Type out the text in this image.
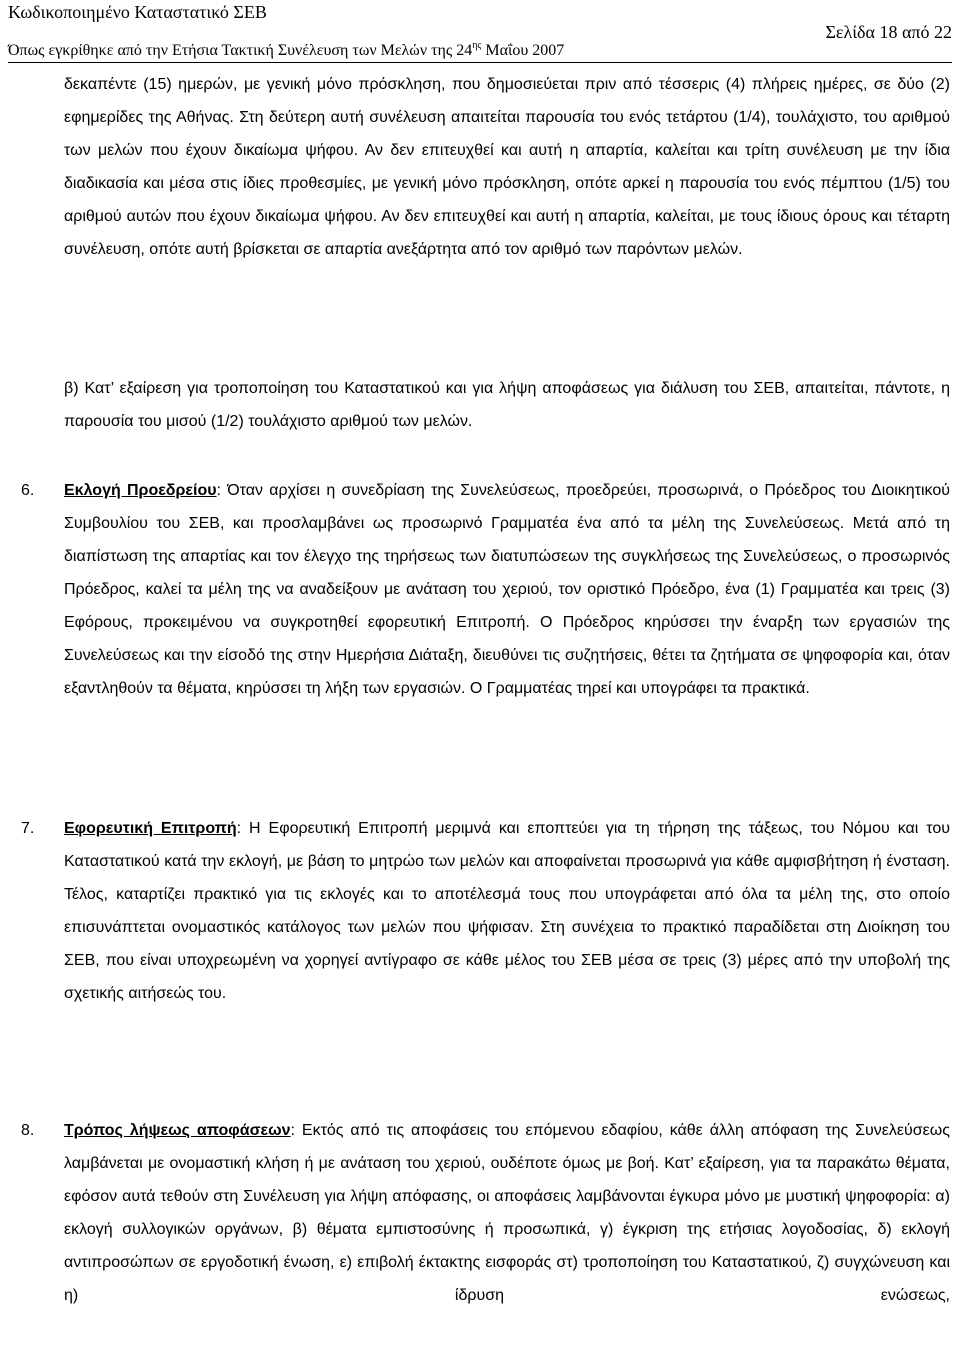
Κωδικοποιημένο Καταστατικό ΣΕΒ
Σελίδα 18 από 22
Όπως εγκρίθηκε από την Ετήσια Τακτική Συνέλευση των Μελών της $24^{\eta\varsigma}$ Μαΐου 2007
δεκαπέντε (15) ημερών, με γενική μόνο πρόσκληση, που δημοσιεύεται πριν από τέσσερις (4) πλήρεις ημέρες, σε δύο (2) εφημερίδες της Αθήνας. Στη δεύτερη αυτή συνέλευση απαιτείται παρουσία του ενός τετάρτου (1/4), τουλάχιστο, του αριθμού των μελών που έχουν δικαίωμα ψήφου. Αν δεν επιτευχθεί και αυτή η απαρτία, καλείται και τρίτη συνέλευση με την ίδια διαδικασία και μέσα στις ίδιες προθεσμίες, με γενική μόνο πρόσκληση, οπότε αρκεί η παρουσία του ενός πέμπτου (1/5) του αριθμού αυτών που έχουν δικαίωμα ψήφου. Αν δεν επιτευχθεί και αυτή η απαρτία, καλείται, με τους ίδιους όρους και τέταρτη συνέλευση, οπότε αυτή βρίσκεται σε απαρτία ανεξάρτητα από τον αριθμό των παρόντων μελών.
β) Κατ’ εξαίρεση για τροποποίηση του Καταστατικού και για λήψη αποφάσεως για διάλυση του ΣΕΒ, απαιτείται, πάντοτε, η παρουσία του μισού (1/2) τουλάχιστο αριθμού των μελών.
6. Εκλογή Προεδρείου: Όταν αρχίσει η συνεδρίαση της Συνελεύσεως, προεδρεύει, προσωρινά, ο Πρόεδρος του Διοικητικού Συμβουλίου του ΣΕΒ, και προσλαμβάνει ως προσωρινό Γραμματέα ένα από τα μέλη της Συνελεύσεως. Μετά από τη διαπίστωση της απαρτίας και τον έλεγχο της τηρήσεως των διατυπώσεων της συγκλήσεως της Συνελεύσεως, ο προσωρινός Πρόεδρος, καλεί τα μέλη της να αναδείξουν με ανάταση του χεριού, τον οριστικό Πρόεδρο, ένα (1) Γραμματέα και τρεις (3) Εφόρους, προκειμένου να συγκροτηθεί εφορευτική Επιτροπή. Ο Πρόεδρος κηρύσσει την έναρξη των εργασιών της Συνελεύσεως και την είσοδό της στην Ημερήσια Διάταξη, διευθύνει τις συζητήσεις, θέτει τα ζητήματα σε ψηφοφορία και, όταν εξαντληθούν τα θέματα, κηρύσσει τη λήξη των εργασιών. Ο Γραμματέας τηρεί και υπογράφει τα πρακτικά.
7. Εφορευτική Επιτροπή: Η Εφορευτική Επιτροπή μεριμνά και εποπτεύει για τη τήρηση της τάξεως, του Νόμου και του Καταστατικού κατά την εκλογή, με βάση το μητρώο των μελών και αποφαίνεται προσωρινά για κάθε αμφισβήτηση ή ένσταση. Τέλος, καταρτίζει πρακτικό για τις εκλογές και το αποτέλεσμά τους που υπογράφεται από όλα τα μέλη της, στο οποίο επισυνάπτεται ονομαστικός κατάλογος των μελών που ψήφισαν. Στη συνέχεια το πρακτικό παραδίδεται στη Διοίκηση του ΣΕΒ, που είναι υποχρεωμένη να χορηγεί αντίγραφο σε κάθε μέλος του ΣΕΒ μέσα σε τρεις (3) μέρες από την υποβολή της σχετικής αιτήσεώς του.
8. Τρόπος λήψεως αποφάσεων: Εκτός από τις αποφάσεις του επόμενου εδαφίου, κάθε άλλη απόφαση της Συνελεύσεως λαμβάνεται με ονομαστική κλήση ή με ανάταση του χεριού, ουδέποτε όμως με βοή. Κατ’ εξαίρεση, για τα παρακάτω θέματα, εφόσον αυτά τεθούν στη Συνέλευση για λήψη απόφασης, οι αποφάσεις λαμβάνονται έγκυρα μόνο με μυστική ψηφοφορία: α) εκλογή συλλογικών οργάνων, β) θέματα εμπιστοσύνης ή προσωπικά, γ) έγκριση της ετήσιας λογοδοσίας, δ) εκλογή αντιπροσώπων σε εργοδοτική ένωση, ε) επιβολή έκτακτης εισφοράς στ) τροποποίηση του Καταστατικού, ζ) συγχώνευση και η) ίδρυση ενώσεως,
